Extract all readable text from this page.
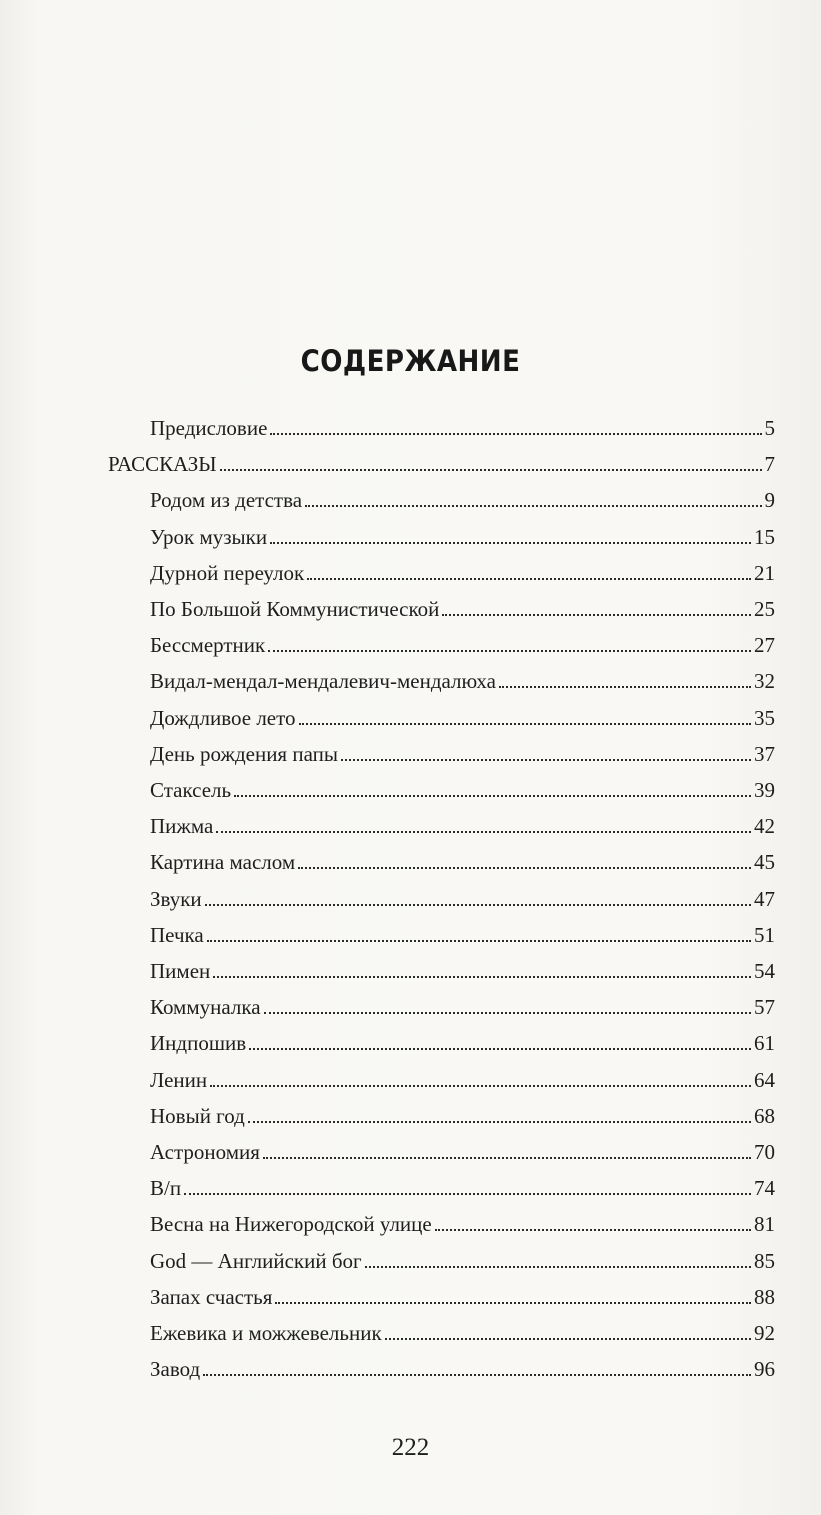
СОДЕРЖАНИЕ
Предисловие	5
РАССКАЗЫ	7
Родом из детства	9
Урок музыки	15
Дурной переулок	21
По Большой Коммунистической	25
Бессмертник	27
Видал-мендал-мендалевич-мендалюха	32
Дождливое лето	35
День рождения папы	37
Стаксель	39
Пижма	42
Картина маслом	45
Звуки	47
Печка	51
Пимен	54
Коммуналка	57
Индпошив	61
Ленин	64
Новый год	68
Астрономия	70
В/п	74
Весна на Нижегородской улице	81
God — Английский бог	85
Запах счастья	88
Ежевика и можжевельник	92
Завод	96
222
